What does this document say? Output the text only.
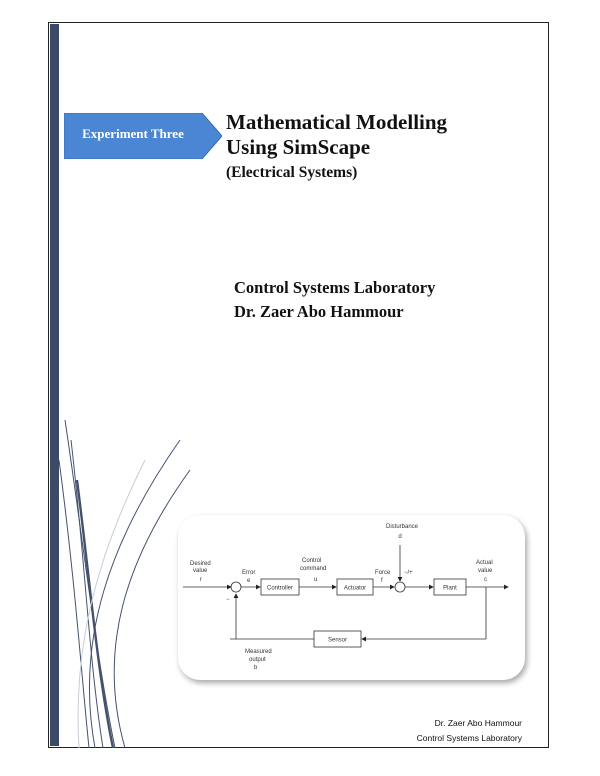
Experiment Three	Mathematical Modelling
Using SimScape
(Electrical Systems)
Control Systems Laboratory
Dr. Zaer Abo Hammour
Disturbance
d
Desired
value
r
Error
e
Control
command
u
Force
f
−/+
Actual
value
c
Measured
output
b
Controller	Actuator	Plant
Sensor
−
Dr. Zaer Abo Hammour
Control Systems Laboratory
